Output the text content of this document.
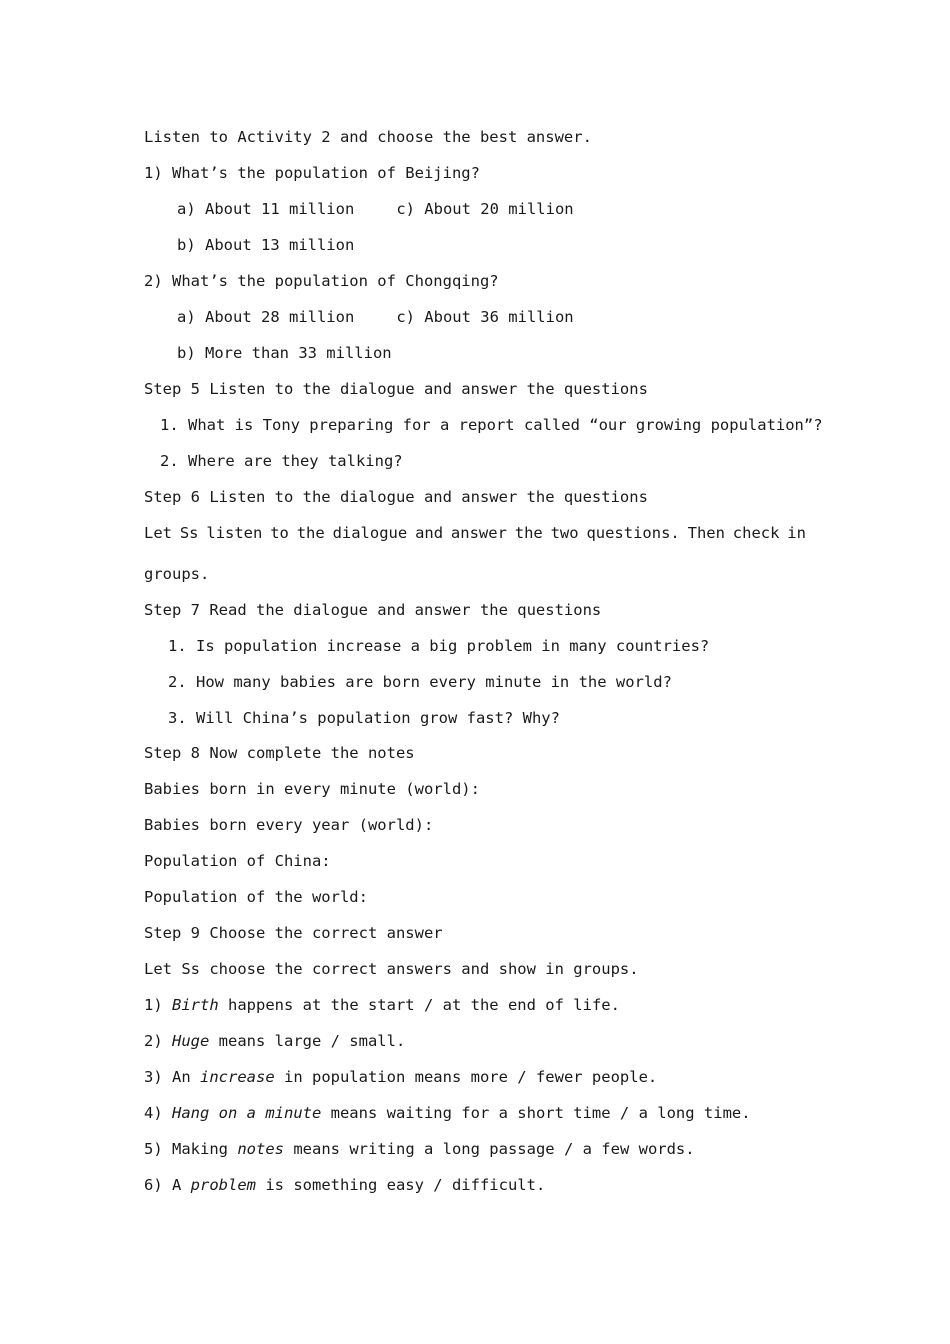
Listen to Activity 2 and choose the best answer.
1) What’s the population of Beijing?
a) About 11 million	c) About 20 million
b) About 13 million
2) What’s the population of Chongqing?
a) About 28 million	c) About 36 million
b) More than 33 million
Step 5 Listen to the dialogue and answer the questions
1. What is Tony preparing for a report called “our growing population”?
2. Where are they talking?
Step 6 Listen to the dialogue and answer the questions
Let Ss listen to the dialogue and answer the two questions. Then check in
groups.
Step 7 Read the dialogue and answer the questions
1. Is population increase a big problem in many countries?
2. How many babies are born every minute in the world?
3. Will China’s population grow fast? Why?
Step 8 Now complete the notes
Babies born in every minute (world):
Babies born every year (world):
Population of China:
Population of the world:
Step 9 Choose the correct answer
Let Ss choose the correct answers and show in groups.
1) Birth happens at the start / at the end of life.
2) Huge means large / small.
3) An increase in population means more / fewer people.
4) Hang on a minute means waiting for a short time / a long time.
5) Making notes means writing a long passage / a few words.
6) A problem is something easy / difficult.
